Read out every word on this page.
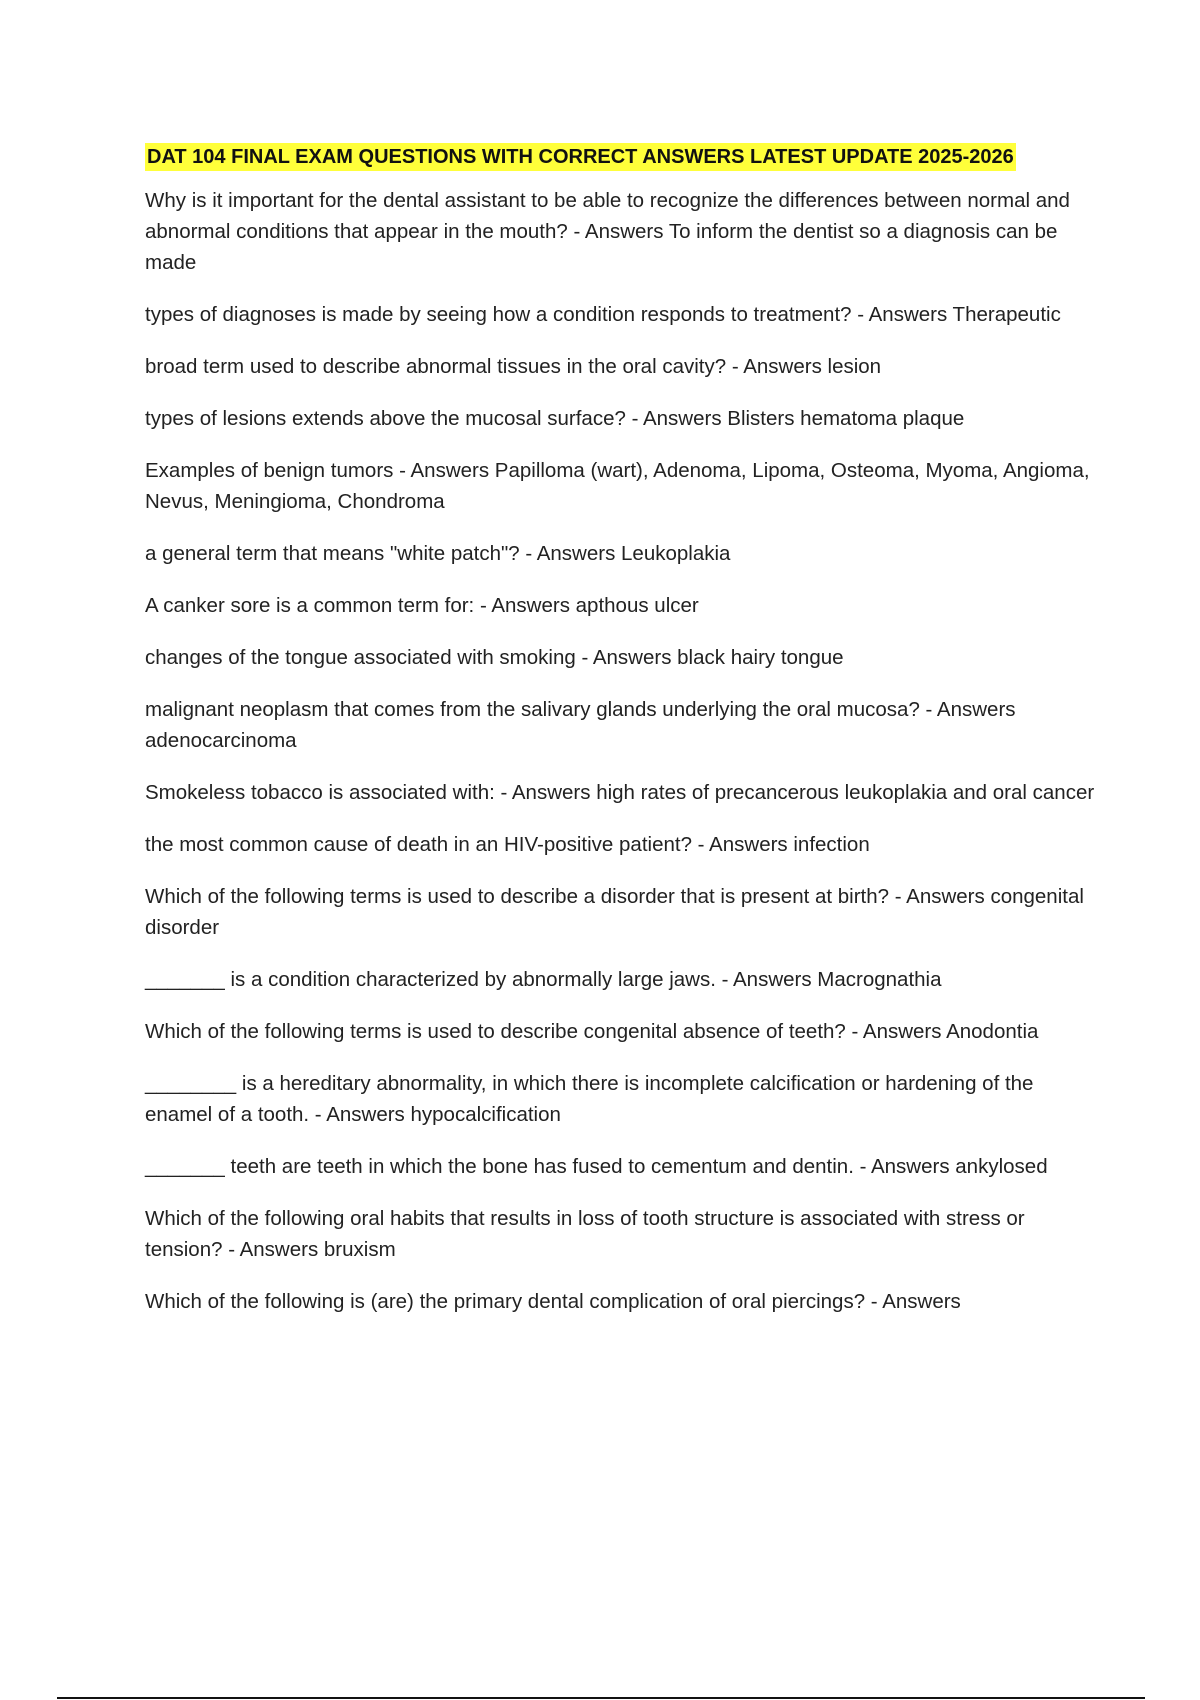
DAT 104 FINAL EXAM QUESTIONS WITH CORRECT ANSWERS LATEST UPDATE 2025-2026
Why is it important for the dental assistant to be able to recognize the differences between normal and abnormal conditions that appear in the mouth? - Answers To inform the dentist so a diagnosis can be made
types of diagnoses is made by seeing how a condition responds to treatment? - Answers Therapeutic
broad term used to describe abnormal tissues in the oral cavity? - Answers lesion
types of lesions extends above the mucosal surface? - Answers Blisters hematoma plaque
Examples of benign tumors - Answers Papilloma (wart), Adenoma, Lipoma, Osteoma, Myoma, Angioma, Nevus, Meningioma, Chondroma
a general term that means "white patch"? - Answers Leukoplakia
A canker sore is a common term for: - Answers apthous ulcer
changes of the tongue associated with smoking - Answers black hairy tongue
malignant neoplasm that comes from the salivary glands underlying the oral mucosa? - Answers adenocarcinoma
Smokeless tobacco is associated with: - Answers high rates of precancerous leukoplakia and oral cancer
the most common cause of death in an HIV-positive patient? - Answers infection
Which of the following terms is used to describe a disorder that is present at birth? - Answers congenital disorder
_______ is a condition characterized by abnormally large jaws. - Answers Macrognathia
Which of the following terms is used to describe congenital absence of teeth? - Answers Anodontia
________ is a hereditary abnormality, in which there is incomplete calcification or hardening of the enamel of a tooth. - Answers hypocalcification
_______ teeth are teeth in which the bone has fused to cementum and dentin. - Answers ankylosed
Which of the following oral habits that results in loss of tooth structure is associated with stress or tension? - Answers bruxism
Which of the following is (are) the primary dental complication of oral piercings? - Answers
